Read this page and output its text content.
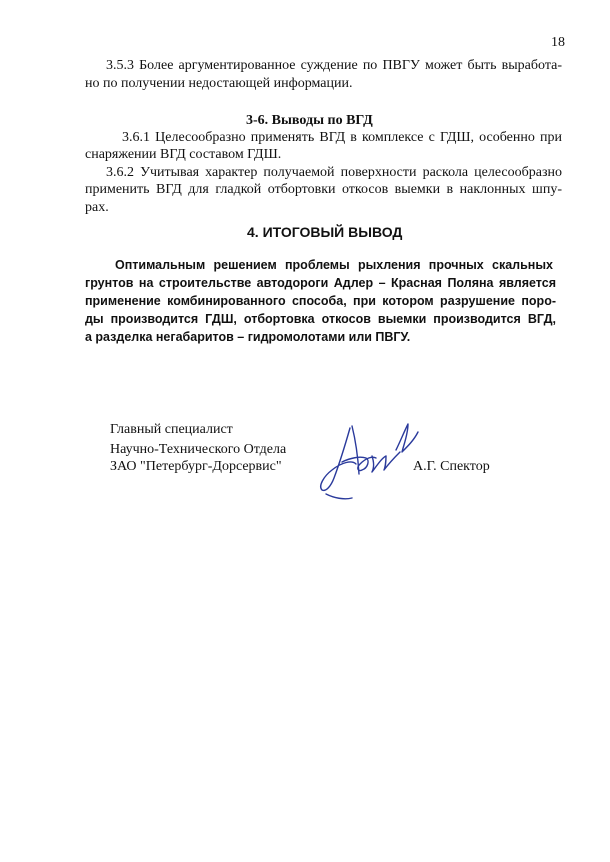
18
3.5.3 Более аргументированное суждение по ПВГУ может быть выработа-
но по получении недостающей информации.
3-6. Выводы по ВГД
3.6.1 Целесообразно применять ВГД в комплексе с ГДШ, особенно при
снаряжении ВГД составом ГДШ.
3.6.2 Учитывая характер получаемой поверхности раскола целесообразно
применить ВГД для гладкой отбортовки откосов выемки в наклонных шпу-
рах.
4. ИТОГОВЫЙ ВЫВОД
Оптимальным решением проблемы рыхления прочных скальных
грунтов на строительстве автодороги Адлер – Красная Поляна является
применение комбинированного способа, при котором разрушение поро-
ды производится ГДШ, отбортовка откосов выемки производится ВГД,
а разделка негабаритов – гидромолотами или ПВГУ.
Главный специалист
Научно-Технического Отдела
ЗАО "Петербург-Дорсервис"	А.Г. Спектор
